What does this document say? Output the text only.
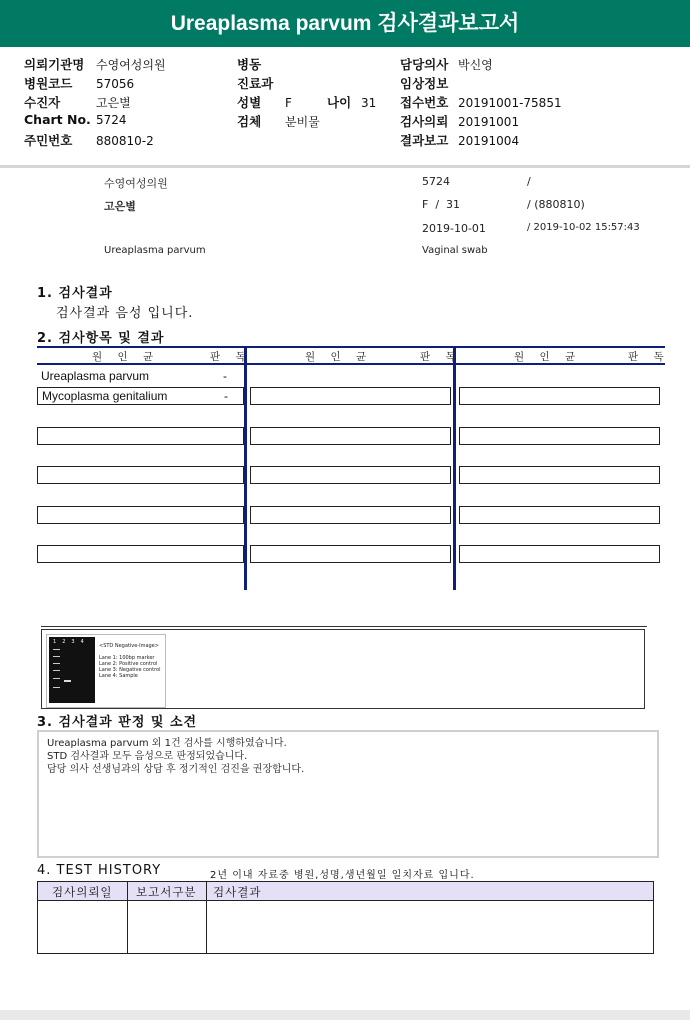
Ureaplasma parvum 검사결과보고서
의뢰기관명 수영여성의원
병원코드 57056
수진자	고은별
Chart No. 5724
주민번호 880810-2
병동
진료과
성별 F	나이 31
검체 분비물
담당의사 박신영
임상정보
접수번호 20191001-75851
검사의뢰 20191001
결과보고 20191004
수영여성의원	5724	/
고은별	F  /  31	/ (880810)
2019-10-01	/ 2019-10-02 15:57:43
Ureaplasma parvum	Vaginal swab
1. 검사결과
검사결과 음성 입니다.
2. 검사항목 및 결과
원 인 균	판 독	원 인 균	판 독	원 인 균	판 독
Ureaplasma parvum	-
Mycoplasma genitalium	-
1234
<STD Negative-Image>
Lane 1: 100bp marker
Lane 2: Positive control
Lane 3: Negative control
Lane 4: Sample
3. 검사결과 판정 및 소견
Ureaplasma parvum 외 1건 검사를 시행하였습니다.
STD 검사결과 모두 음성으로 판정되었습니다.
담당 의사 선생님과의 상담 후 정기적인 검진을 권장합니다.
4. TEST HISTORY	2년 이내 자료중 병원,성명,생년월일 일치자료 입니다.
검사의뢰일	보고서구분	검사결과
